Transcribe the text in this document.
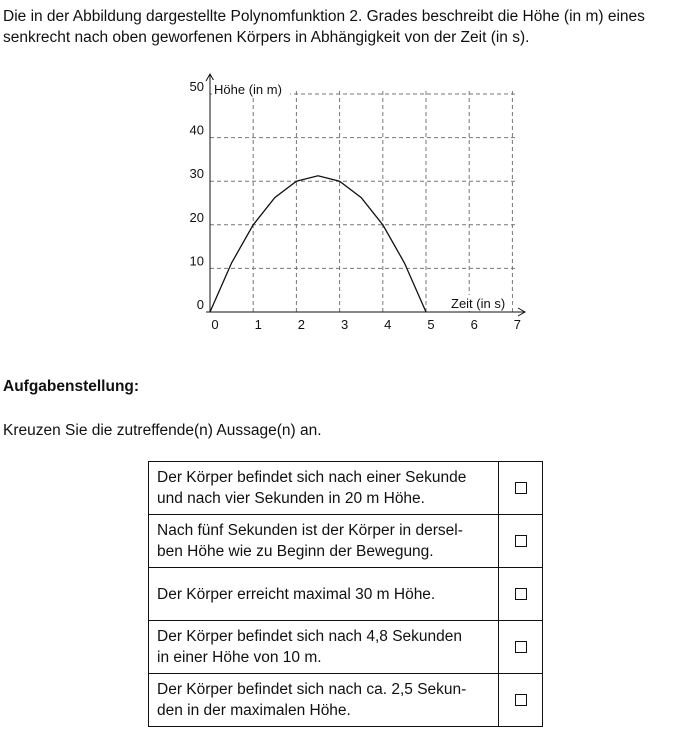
Die in der Abbildung dargestellte Polynomfunktion 2. Grades beschreibt die Höhe (in m) eines
senkrecht nach oben geworfenen Körpers in Abhängigkeit von der Zeit (in s).

0
10
20
30
40
50
0	1	2	3	4	5	6	7
Höhe (in m)
Zeit (in s)

Aufgabenstellung:

Kreuzen Sie die zutreffende(n) Aussage(n) an.

Der Körper befindet sich nach einer Sekunde
und nach vier Sekunden in 20 m Höhe.	
Nach fünf Sekunden ist der Körper in dersel-
ben Höhe wie zu Beginn der Bewegung.	
Der Körper erreicht maximal 30 m Höhe.	
Der Körper befindet sich nach 4,8 Sekunden
in einer Höhe von 10 m.	
Der Körper befindet sich nach ca. 2,5 Sekun-
den in der maximalen Höhe.	
